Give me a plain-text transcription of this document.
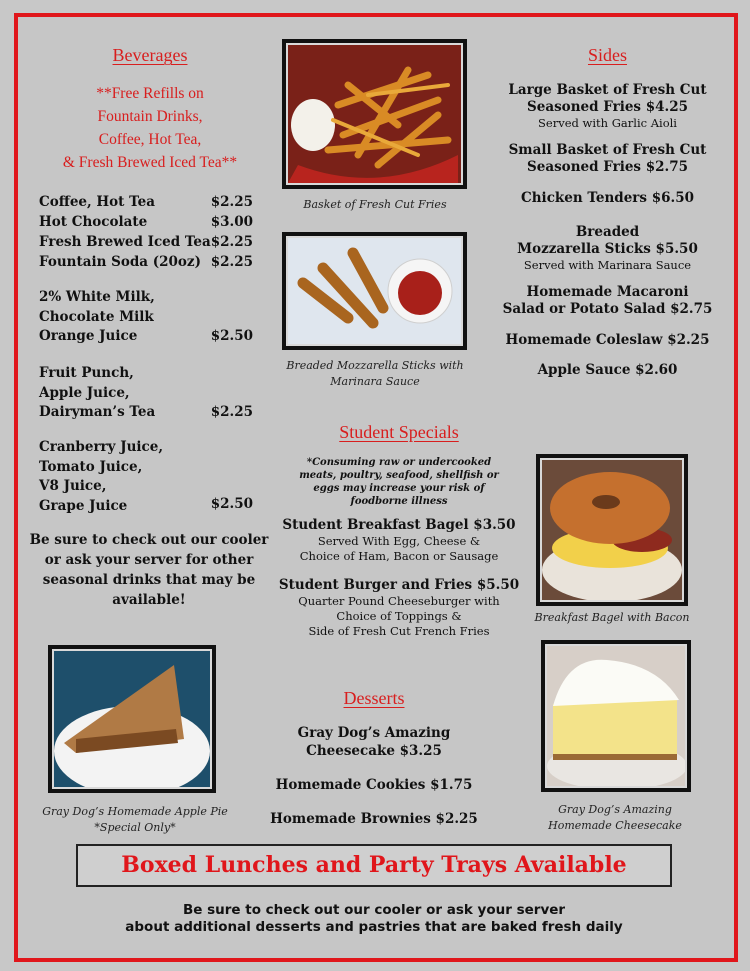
Beverages
**Free Refills on
Fountain Drinks,
Coffee, Hot Tea,
& Fresh Brewed Iced Tea**
Coffee, Hot Tea	$2.25
Hot Chocolate	$3.00
Fresh Brewed Iced Tea $2.25
Fountain Soda (20oz) $2.25
2% White Milk,
Chocolate Milk
Orange Juice	$2.50
Fruit Punch,
Apple Juice,
Dairyman’s Tea	$2.25
Cranberry Juice,
Tomato Juice,
V8 Juice,
Grape Juice	$2.50
Be sure to check out our cooler
or ask your server for other
seasonal drinks that may be
available!
Basket of Fresh Cut Fries
Breaded Mozzarella Sticks with
Marinara Sauce
Breakfast Bagel with Bacon
Gray Dog’s Homemade Apple Pie
*Special Only*
Gray Dog’s Amazing
Homemade Cheesecake
Sides
Large Basket of Fresh Cut
Seasoned Fries $4.25
Served with Garlic Aioli
Small Basket of Fresh Cut
Seasoned Fries $2.75
Chicken Tenders $6.50
Breaded
Mozzarella Sticks $5.50
Served with Marinara Sauce
Homemade Macaroni
Salad or Potato Salad $2.75
Homemade Coleslaw $2.25
Apple Sauce $2.60
Student Specials
*Consuming raw or undercooked
meats, poultry, seafood, shellfish or
eggs may increase your risk of
foodborne illness
Student Breakfast Bagel $3.50
Served With Egg, Cheese &
Choice of Ham, Bacon or Sausage
Student Burger and Fries $5.50
Quarter Pound Cheeseburger with
Choice of Toppings &
Side of Fresh Cut French Fries
Desserts
Gray Dog’s Amazing
Cheesecake $3.25
Homemade Cookies $1.75
Homemade Brownies $2.25
Boxed Lunches and Party Trays Available
Be sure to check out our cooler or ask your server
about additional desserts and pastries that are baked fresh daily
